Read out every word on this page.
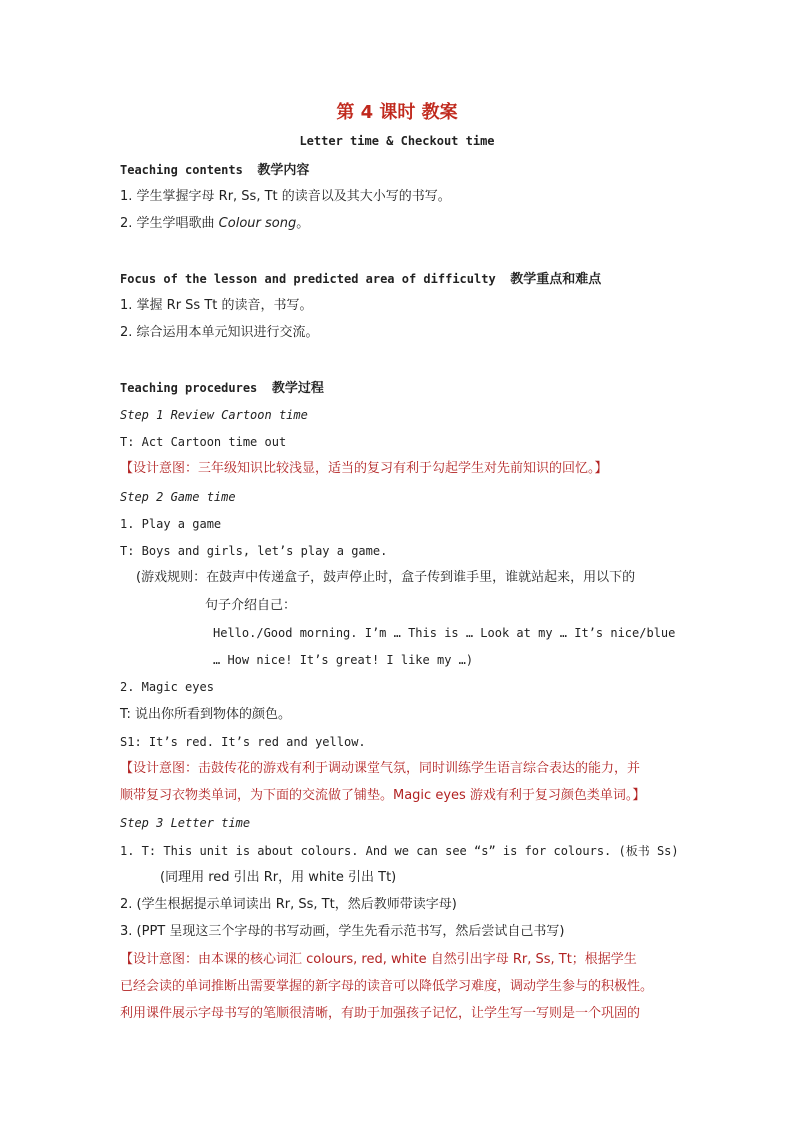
第 4 课时 教案
Letter time & Checkout time
Teaching contents 教学内容
1. 学生掌握字母 Rr, Ss, Tt 的读音以及其大小写的书写。
2. 学生学唱歌曲 Colour song。
Focus of the lesson and predicted area of difficulty 教学重点和难点
1. 掌握 Rr Ss Tt 的读音，书写。
2. 综合运用本单元知识进行交流。
Teaching procedures 教学过程
Step 1 Review Cartoon time
T: Act Cartoon time out
【设计意图：三年级知识比较浅显，适当的复习有利于勾起学生对先前知识的回忆。】
Step 2 Game time
1. Play a game
T: Boys and girls, let’s play a game.
(游戏规则：在鼓声中传递盒子，鼓声停止时，盒子传到谁手里，谁就站起来，用以下的
句子介绍自己：
Hello./Good morning. I’m … This is … Look at my … It’s nice/blue
… How nice! It’s great! I like my …)
2. Magic eyes
T: 说出你所看到物体的颜色。
S1: It’s red. It’s red and yellow.
【设计意图：击鼓传花的游戏有利于调动课堂气氛，同时训练学生语言综合表达的能力，并
顺带复习衣物类单词，为下面的交流做了铺垫。Magic eyes 游戏有利于复习颜色类单词。】
Step 3 Letter time
1. T: This unit is about colours. And we can see “s” is for colours. (板书 Ss)
(同理用 red 引出 Rr，用 white 引出 Tt)
2. (学生根据提示单词读出 Rr, Ss, Tt，然后教师带读字母)
3. (PPT 呈现这三个字母的书写动画，学生先看示范书写，然后尝试自己书写)
【设计意图：由本课的核心词汇 colours, red, white 自然引出字母 Rr, Ss, Tt；根据学生
已经会读的单词推断出需要掌握的新字母的读音可以降低学习难度，调动学生参与的积极性。
利用课件展示字母书写的笔顺很清晰，有助于加强孩子记忆，让学生写一写则是一个巩固的
